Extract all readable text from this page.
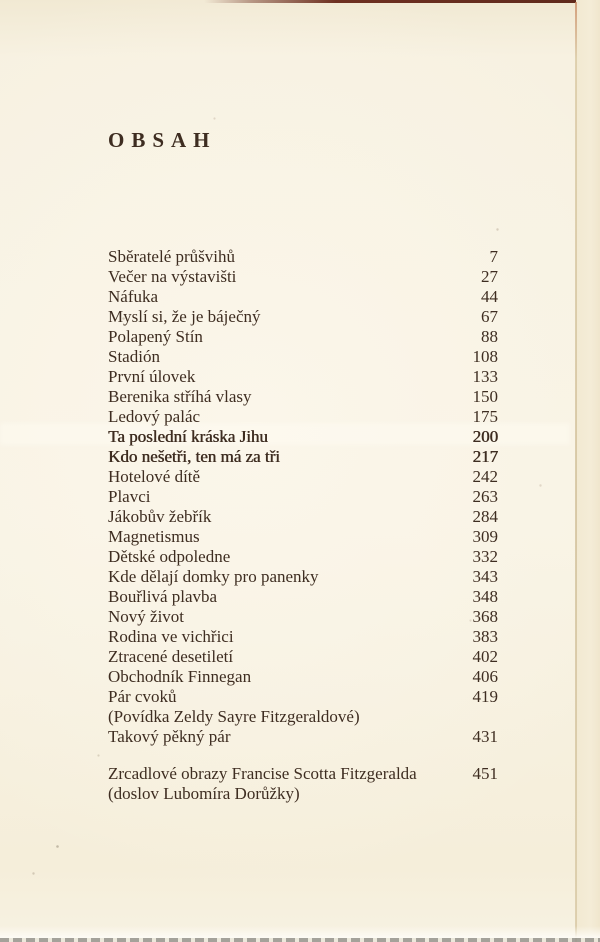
OBSAH
Sběratelé průšvihů	7
Večer na výstavišti	27
Náfuka	44
Myslí si, že je báječný	67
Polapený Stín	88
Stadión	108
První úlovek	133
Berenika stříhá vlasy	150
Ledový palác	175
Ta poslední kráska Jihu	200
Kdo nešetři, ten má za tři	217
Hotelové dítě	242
Plavci	263
Jákobův žebřík	284
Magnetismus	309
Dětské odpoledne	332
Kde dělají domky pro panenky	343
Bouřlivá plavba	348
Nový život	368
Rodina ve vichřici	383
Ztracené desetiletí	402
Obchodník Finnegan	406
Pár cvoků	419
(Povídka Zeldy Sayre Fitzgeraldové)
Takový pěkný pár	431
Zrcadlové obrazy Francise Scotta Fitzgeralda	451
(doslov Lubomíra Dorůžky)
